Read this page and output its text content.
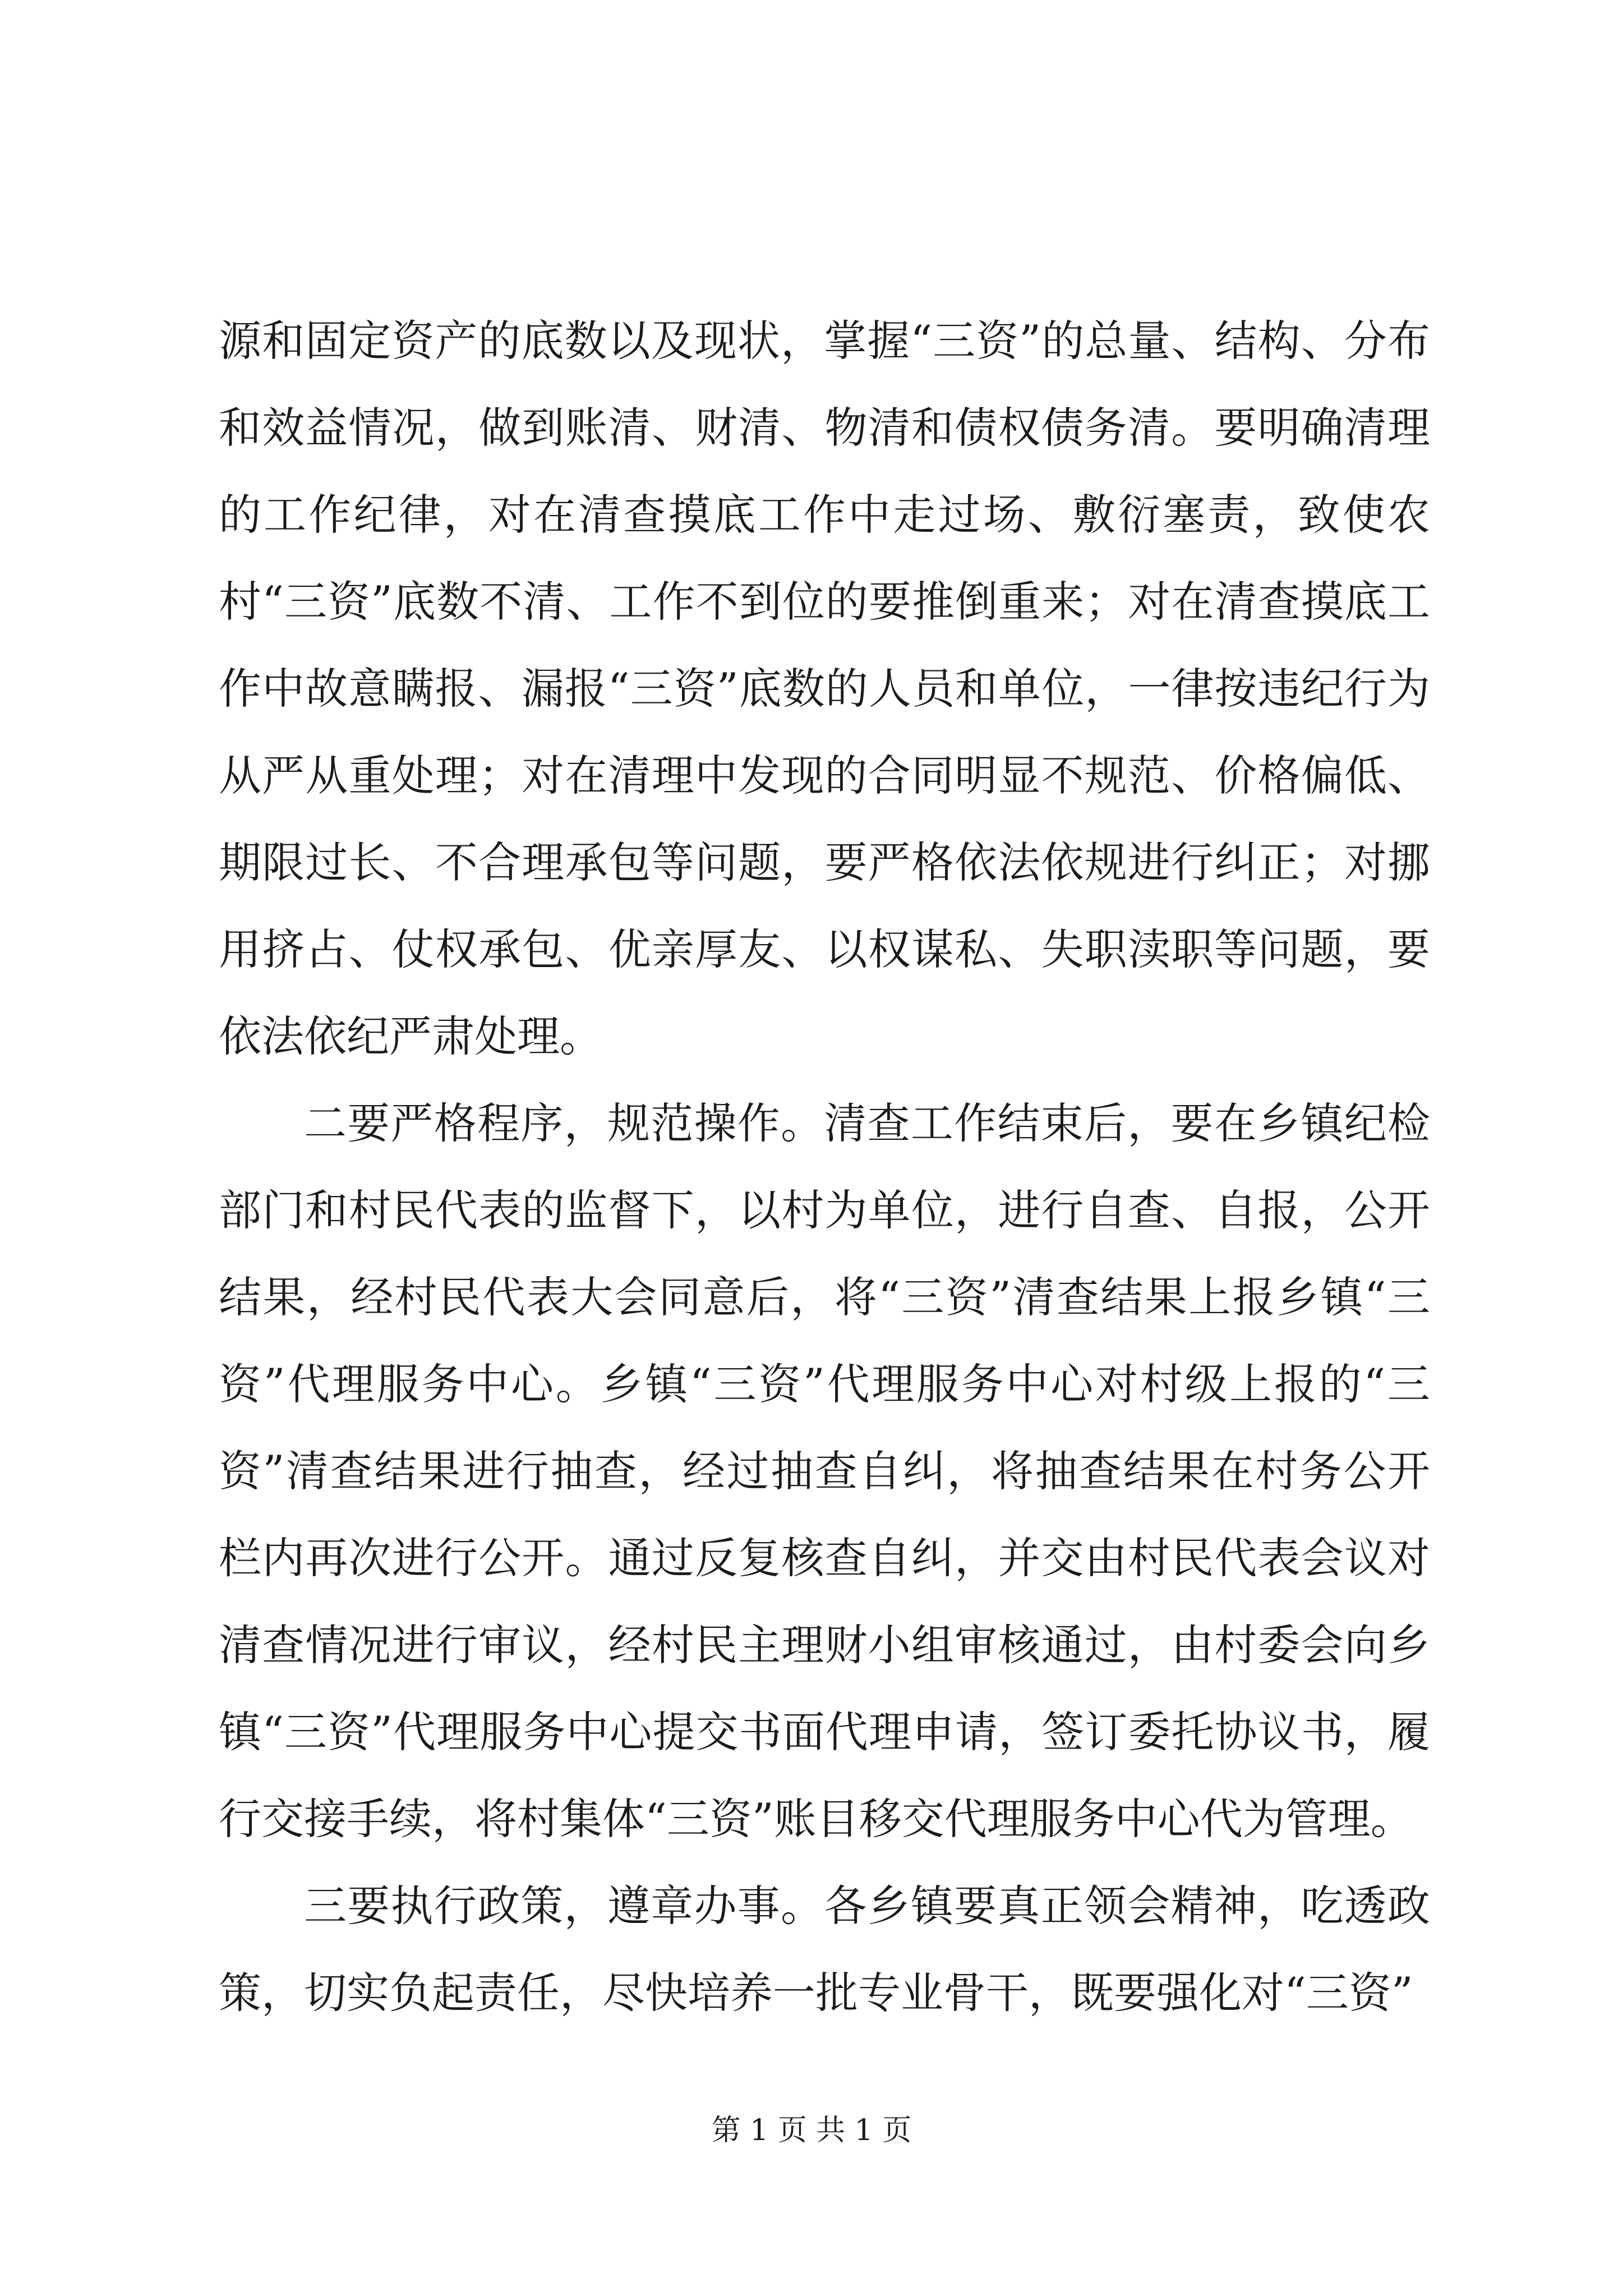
源和固定资产的底数以及现状，掌握“三资”的总量、结构、分布和效益情况，做到账清、财清、物清和债权债务清。要明确清理的工作纪律，对在清查摸底工作中走过场、敷衍塞责，致使农村“三资”底数不清、工作不到位的要推倒重来；对在清查摸底工作中故意瞒报、漏报“三资”底数的人员和单位，一律按违纪行为从严从重处理；对在清理中发现的合同明显不规范、价格偏低、期限过长、不合理承包等问题，要严格依法依规进行纠正；对挪用挤占、仗权承包、优亲厚友、以权谋私、失职渎职等问题，要依法依纪严肃处理。

二要严格程序，规范操作。清查工作结束后，要在乡镇纪检部门和村民代表的监督下，以村为单位，进行自查、自报，公开结果，经村民代表大会同意后，将“三资”清查结果上报乡镇“三资”代理服务中心。乡镇“三资”代理服务中心对村级上报的“三资”清查结果进行抽查，经过抽查自纠，将抽查结果在村务公开栏内再次进行公开。通过反复核查自纠，并交由村民代表会议对清查情况进行审议，经村民主理财小组审核通过，由村委会向乡镇“三资”代理服务中心提交书面代理申请，签订委托协议书，履行交接手续，将村集体“三资”账目移交代理服务中心代为管理。

三要执行政策，遵章办事。各乡镇要真正领会精神，吃透政策，切实负起责任，尽快培养一批专业骨干，既要强化对“三资”

第 1 页 共 1 页
